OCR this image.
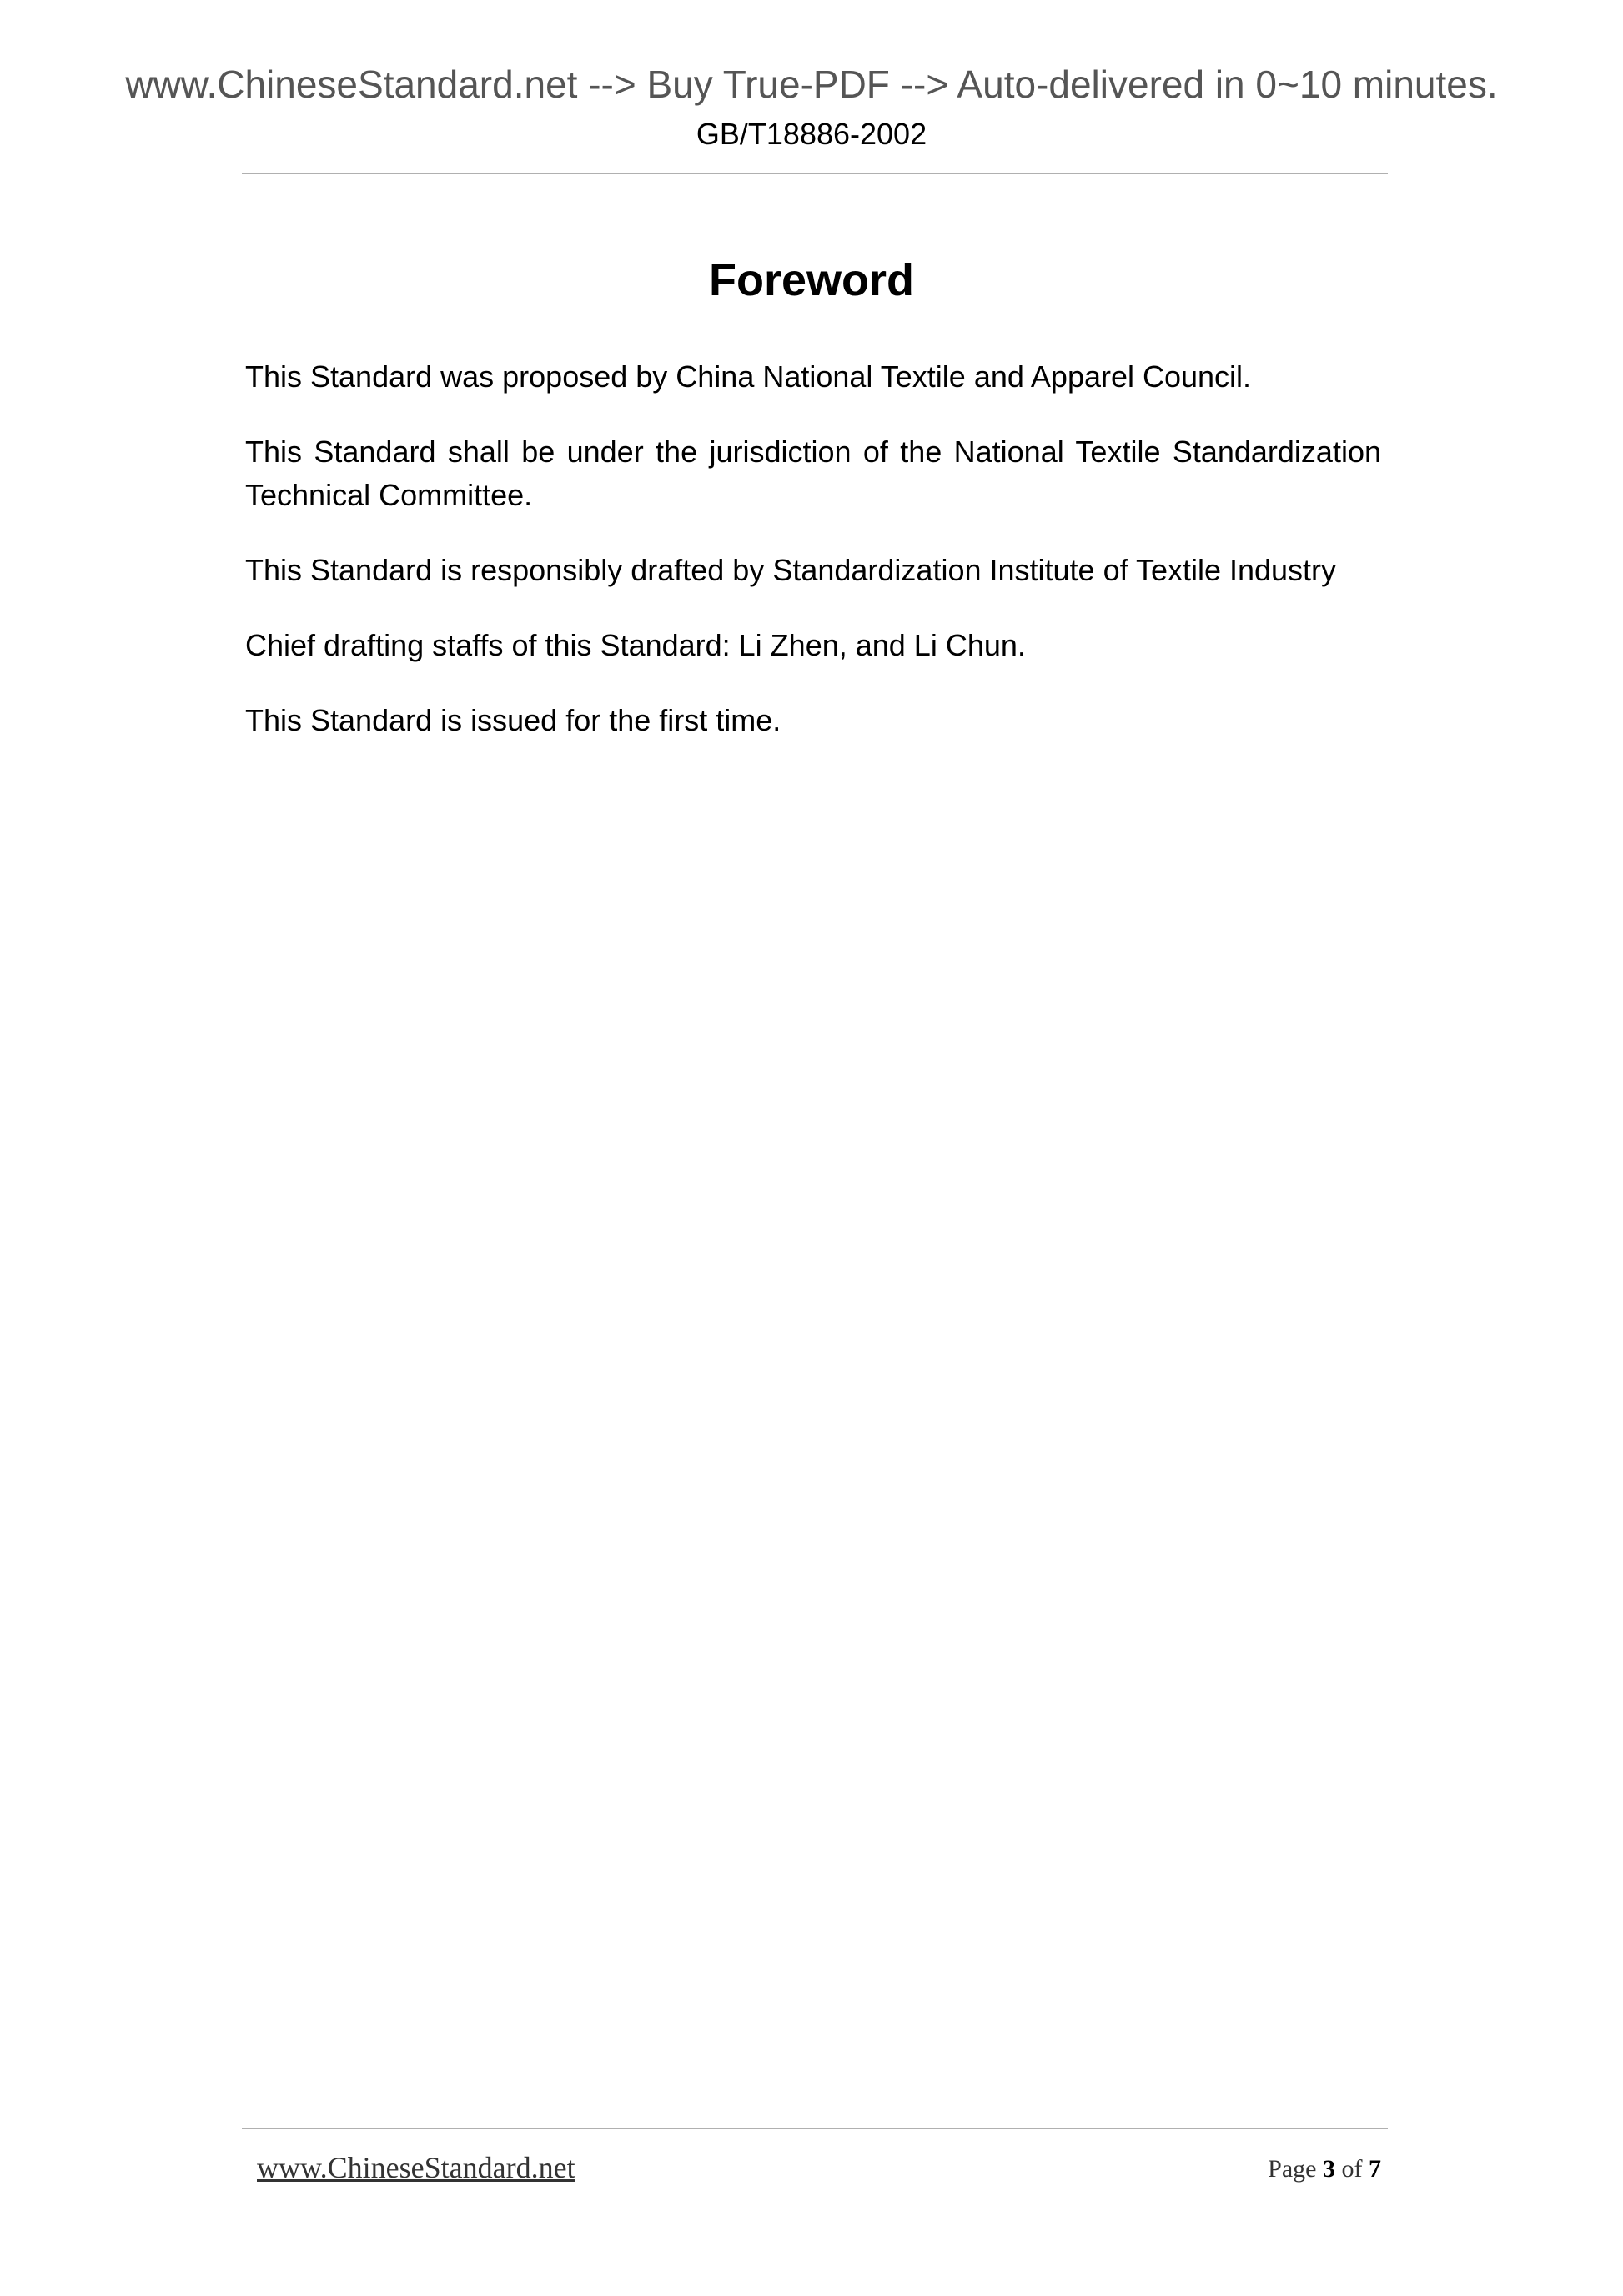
www.ChineseStandard.net --> Buy True-PDF --> Auto-delivered in 0~10 minutes.
GB/T18886-2002
Foreword

This Standard was proposed by China National Textile and Apparel Council.

This Standard shall be under the jurisdiction of the National Textile Standardization Technical Committee.

This Standard is responsibly drafted by Standardization Institute of Textile Industry

Chief drafting staffs of this Standard: Li Zhen, and Li Chun.

This Standard is issued for the first time.

www.ChineseStandard.net	Page 3 of 7
